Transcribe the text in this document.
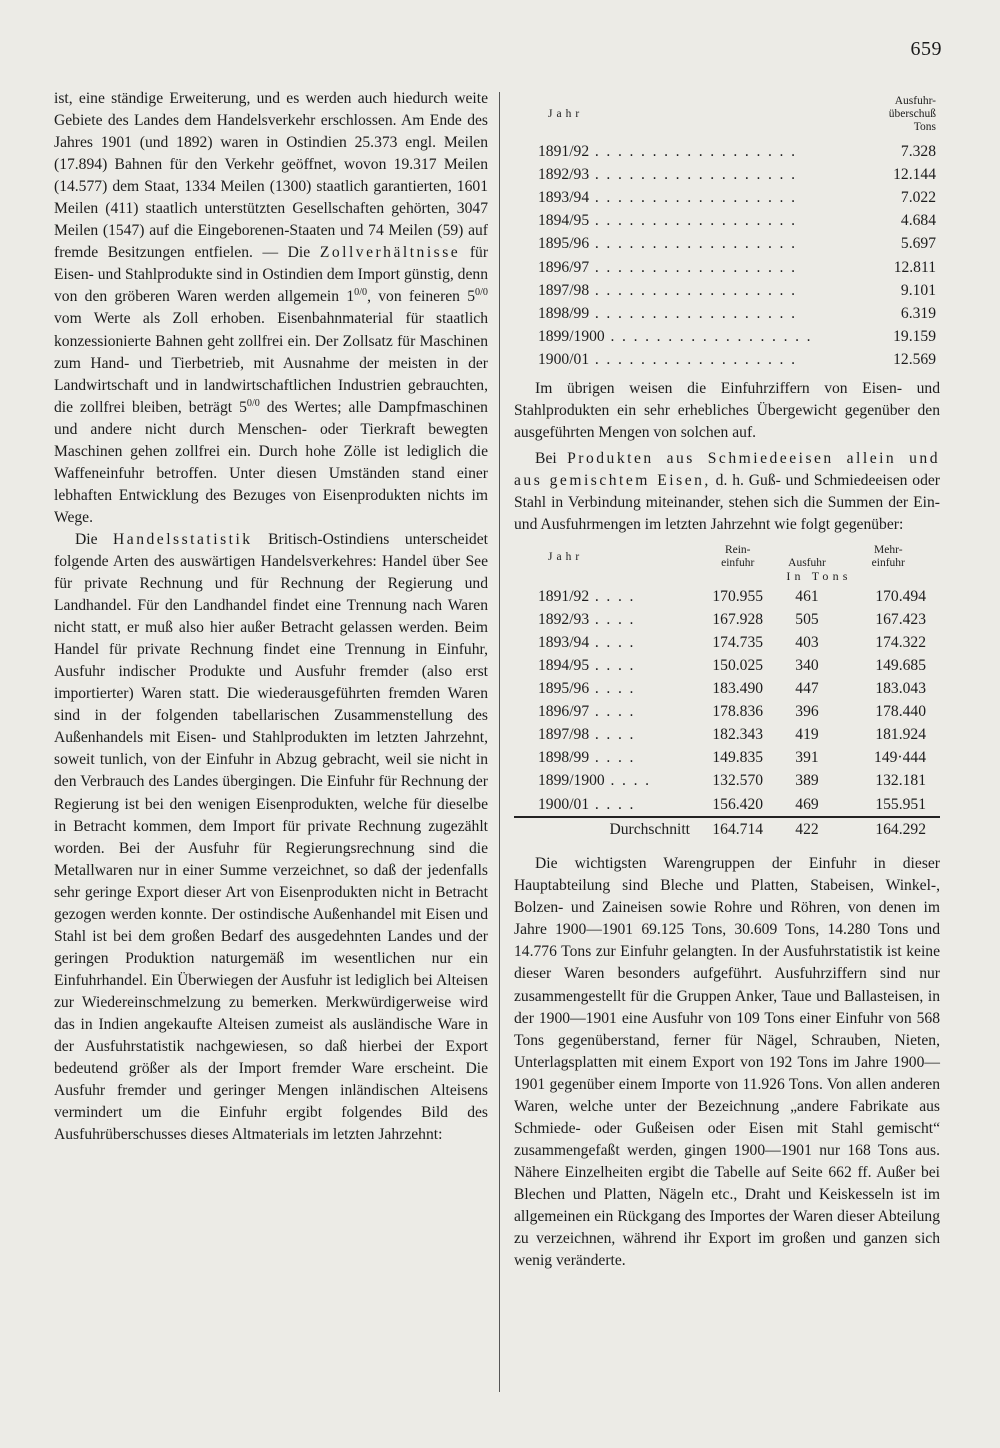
659

ist, eine ständige Erweiterung, und es werden auch hiedurch weite Gebiete des Landes dem Handelsverkehr erschlossen. Am Ende des Jahres 1901 (und 1892) waren in Ostindien 25.373 engl. Meilen (17.894) Bahnen für den Verkehr geöffnet, wovon 19.317 Meilen (14.577) dem Staat, 1334 Meilen (1300) staatlich garantierten, 1601 Meilen (411) staatlich unterstützten Gesellschaften gehörten, 3047 Meilen (1547) auf die Eingeborenen-Staaten und 74 Meilen (59) auf fremde Besitzungen entfielen. — Die Zollverhältnisse für Eisen- und Stahlprodukte sind in Ostindien dem Import günstig, denn von den gröberen Waren werden allgemein $1^{0/0}$, von feineren $5^{0/0}$ vom Werte als Zoll erhoben. Eisenbahnmaterial für staatlich konzessionierte Bahnen geht zollfrei ein. Der Zollsatz für Maschinen zum Hand- und Tierbetrieb, mit Ausnahme der meisten in der Landwirtschaft und in landwirtschaftlichen Industrien gebrauchten, die zollfrei bleiben, beträgt $5^{0/0}$ des Wertes; alle Dampfmaschinen und andere nicht durch Menschen- oder Tierkraft bewegten Maschinen gehen zollfrei ein. Durch hohe Zölle ist lediglich die Waffeneinfuhr betroffen. Unter diesen Umständen stand einer lebhaften Entwicklung des Bezuges von Eisenprodukten nichts im Wege.

Die Handelsstatistik Britisch-Ostindiens unterscheidet folgende Arten des auswärtigen Handelsverkehres: Handel über See für private Rechnung und für Rechnung der Regierung und Landhandel. Für den Landhandel findet eine Trennung nach Waren nicht statt, er muß also hier außer Betracht gelassen werden. Beim Handel für private Rechnung findet eine Trennung in Einfuhr, Ausfuhr indischer Produkte und Ausfuhr fremder (also erst importierter) Waren statt. Die wiederausgeführten fremden Waren sind in der folgenden tabellarischen Zusammenstellung des Außenhandels mit Eisen- und Stahlprodukten im letzten Jahrzehnt, soweit tunlich, von der Einfuhr in Abzug gebracht, weil sie nicht in den Verbrauch des Landes übergingen. Die Einfuhr für Rechnung der Regierung ist bei den wenigen Eisenprodukten, welche für dieselbe in Betracht kommen, dem Import für private Rechnung zugezählt worden. Bei der Ausfuhr für Regierungsrechnung sind die Metallwaren nur in einer Summe verzeichnet, so daß der jedenfalls sehr geringe Export dieser Art von Eisenprodukten nicht in Betracht gezogen werden konnte. Der ostindische Außenhandel mit Eisen und Stahl ist bei dem großen Bedarf des ausgedehnten Landes und der geringen Produktion naturgemäß im wesentlichen nur ein Einfuhrhandel. Ein Überwiegen der Ausfuhr ist lediglich bei Alteisen zur Wiedereinschmelzung zu bemerken. Merkwürdigerweise wird das in Indien angekaufte Alteisen zumeist als ausländische Ware in der Ausfuhrstatistik nachgewiesen, so daß hierbei der Export bedeutend größer als der Import fremder Ware erscheint. Die Ausfuhr fremder und geringer Mengen inländischen Alteisens vermindert um die Einfuhr ergibt folgendes Bild des Ausfuhrüberschusses dieses Altmaterials im letzten Jahrzehnt:

Jahr	Ausfuhr-
überschuß
Tons
1891/92 . . .	7.328
1892/93 . . .	12.144
1893/94 . . .	7.022
1894/95 . . .	4.684
1895/96 . . .	5.697
1896/97 . . .	12.811
1897/98 . . .	9.101
1898/99 . . .	6.319
1899/1900 . . .	19.159
1900/01 . . .	12.569

Im übrigen weisen die Einfuhrziffern von Eisen- und Stahlprodukten ein sehr erhebliches Übergewicht gegenüber den ausgeführten Mengen von solchen auf.

Bei Produkten aus Schmiedeeisen allein und aus gemischtem Eisen, d. h. Guß- und Schmiedeeisen oder Stahl in Verbindung miteinander, stehen sich die Summen der Ein- und Ausfuhrmengen im letzten Jahrzehnt wie folgt gegenüber:

Jahr	Rein-
einfuhr	Ausfuhr	Mehr-
einfuhr
	In Tons		
1891/92 . . . .	170.955	461	170.494
1892/93 . . . .	167.928	505	167.423
1893/94 . . . .	174.735	403	174.322
1894/95 . . . .	150.025	340	149.685
1895/96 . . . .	183.490	447	183.043
1896/97 . . . .	178.836	396	178.440
1897/98 . . . .	182.343	419	181.924
1898/99 . . . .	149.835	391	149·444
1899/1900 . . . .	132.570	389	132.181
1900/01 . . . .	156.420	469	155.951
Durchschnitt	164.714	422	164.292

Die wichtigsten Warengruppen der Einfuhr in dieser Hauptabteilung sind Bleche und Platten, Stabeisen, Winkel-, Bolzen- und Zaineisen sowie Rohre und Röhren, von denen im Jahre 1900—1901 69.125 Tons, 30.609 Tons, 14.280 Tons und 14.776 Tons zur Einfuhr gelangten. In der Ausfuhrstatistik ist keine dieser Waren besonders aufgeführt. Ausfuhrziffern sind nur zusammengestellt für die Gruppen Anker, Taue und Ballasteisen, in der 1900—1901 eine Ausfuhr von 109 Tons einer Einfuhr von 568 Tons gegenüberstand, ferner für Nägel, Schrauben, Nieten, Unterlagsplatten mit einem Export von 192 Tons im Jahre 1900—1901 gegenüber einem Importe von 11.926 Tons. Von allen anderen Waren, welche unter der Bezeichnung „andere Fabrikate aus Schmiede- oder Gußeisen oder Eisen mit Stahl gemischt“ zusammengefaßt werden, gingen 1900—1901 nur 168 Tons aus. Nähere Einzelheiten ergibt die Tabelle auf Seite 662 ff. Außer bei Blechen und Platten, Nägeln etc., Draht und Keiskesseln ist im allgemeinen ein Rückgang des Importes der Waren dieser Abteilung zu verzeichnen, während ihr Export im großen und ganzen sich wenig veränderte.
